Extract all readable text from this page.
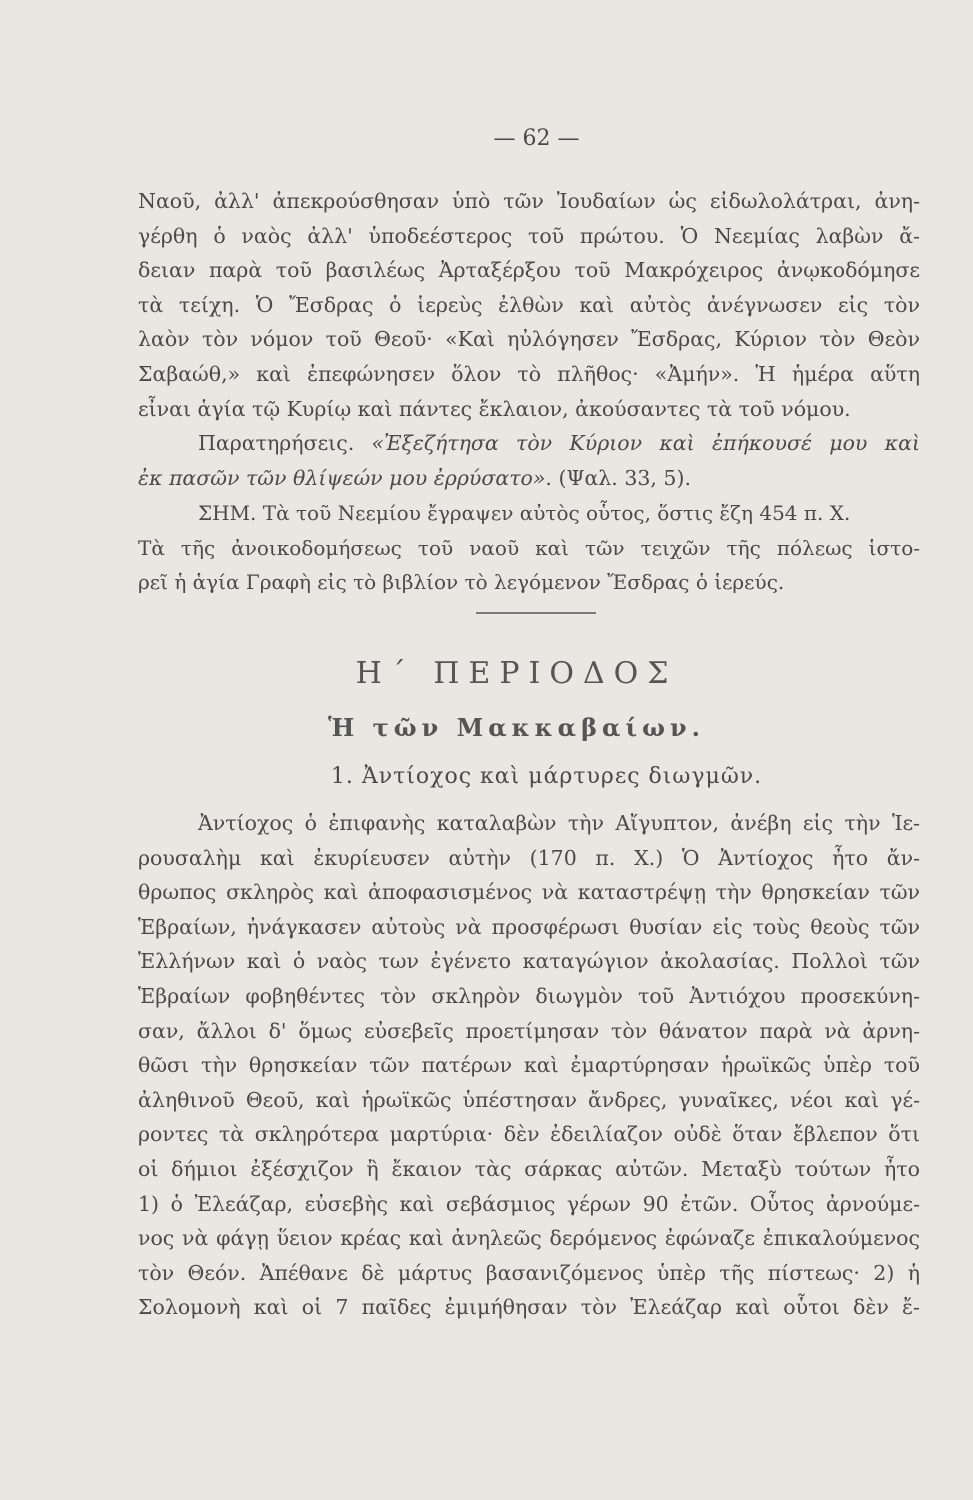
— 62 —
Ναοῦ, ἀλλ' ἀπεκρούσθησαν ὑπὸ τῶν Ἰουδαίων ὡς εἰδωλολάτραι, ἀνη-
γέρθη ὁ ναὸς ἀλλ' ὑποδεέστερος τοῦ πρώτου. Ὁ Νεεμίας λαβὼν ἄ-
δειαν παρὰ τοῦ βασιλέως Ἀρταξέρξου τοῦ Μακρόχειρος ἀνῳκοδόμησε
τὰ τείχη. Ὁ Ἔσδρας ὁ ἱερεὺς ἐλθὼν καὶ αὐτὸς ἀνέγνωσεν εἰς τὸν
λαὸν τὸν νόμον τοῦ Θεοῦ· «Καὶ ηὐλόγησεν Ἔσδρας, Κύριον τὸν Θεὸν
Σαβαώθ,» καὶ ἐπεφώνησεν ὅλον τὸ πλῆθος· «Ἀμήν». Ἡ ἡμέρα αὕτη
εἶναι ἁγία τῷ Κυρίῳ καὶ πάντες ἔκλαιον, ἀκούσαντες τὰ τοῦ νόμου.
Παρατηρήσεις. «Ἐξεζήτησα τὸν Κύριον καὶ ἐπήκουσέ μου καὶ
ἐκ πασῶν τῶν θλίψεών μου ἐρρύσατο». (Ψαλ. 33, 5).
ΣΗΜ. Τὰ τοῦ Νεεμίου ἔγραψεν αὐτὸς οὗτος, ὅστις ἔζη 454 π. Χ.
Τὰ τῆς ἀνοικοδομήσεως τοῦ ναοῦ καὶ τῶν τειχῶν τῆς πόλεως ἱστο-
ρεῖ ἡ ἁγία Γραφὴ εἰς τὸ βιβλίον τὸ λεγόμενον Ἔσδρας ὁ ἱερεύς.
Η΄ ΠΕΡΙΟΔΟΣ
Ἡ τῶν Μακκαβαίων.
1. Ἀντίοχος καὶ μάρτυρες διωγμῶν.
Ἀντίοχος ὁ ἐπιφανὴς καταλαβὼν τὴν Αἴγυπτον, ἀνέβη εἰς τὴν Ἱε-
ρουσαλὴμ καὶ ἐκυρίευσεν αὐτὴν (170 π. Χ.) Ὁ Ἀντίοχος ἦτο ἄν-
θρωπος σκληρὸς καὶ ἀποφασισμένος νὰ καταστρέψῃ τὴν θρησκείαν τῶν
Ἑβραίων, ἠνάγκασεν αὐτοὺς νὰ προσφέρωσι θυσίαν εἰς τοὺς θεοὺς τῶν
Ἑλλήνων καὶ ὁ ναὸς των ἐγένετο καταγώγιον ἀκολασίας. Πολλοὶ τῶν
Ἑβραίων φοβηθέντες τὸν σκληρὸν διωγμὸν τοῦ Ἀντιόχου προσεκύνη-
σαν, ἄλλοι δ' ὅμως εὐσεβεῖς προετίμησαν τὸν θάνατον παρὰ νὰ ἀρνη-
θῶσι τὴν θρησκείαν τῶν πατέρων καὶ ἐμαρτύρησαν ἡρωϊκῶς ὑπὲρ τοῦ
ἀληθινοῦ Θεοῦ, καὶ ἡρωϊκῶς ὑπέστησαν ἄνδρες, γυναῖκες, νέοι καὶ γέ-
ροντες τὰ σκληρότερα μαρτύρια· δὲν ἐδειλίαζον οὐδὲ ὅταν ἔβλεπον ὅτι
οἱ δήμιοι ἐξέσχιζον ἢ ἔκαιον τὰς σάρκας αὐτῶν. Μεταξὺ τούτων ἦτο
1) ὁ Ἐλεάζαρ, εὐσεβὴς καὶ σεβάσμιος γέρων 90 ἐτῶν. Οὗτος ἀρνούμε-
νος νὰ φάγῃ ὕειον κρέας καὶ ἀνηλεῶς δερόμενος ἐφώναζε ἐπικαλούμενος
τὸν Θεόν. Ἀπέθανε δὲ μάρτυς βασανιζόμενος ὑπὲρ τῆς πίστεως· 2) ἡ
Σολομονὴ καὶ οἱ 7 παῖδες ἐμιμήθησαν τὸν Ἐλεάζαρ καὶ οὗτοι δὲν ἔ-
